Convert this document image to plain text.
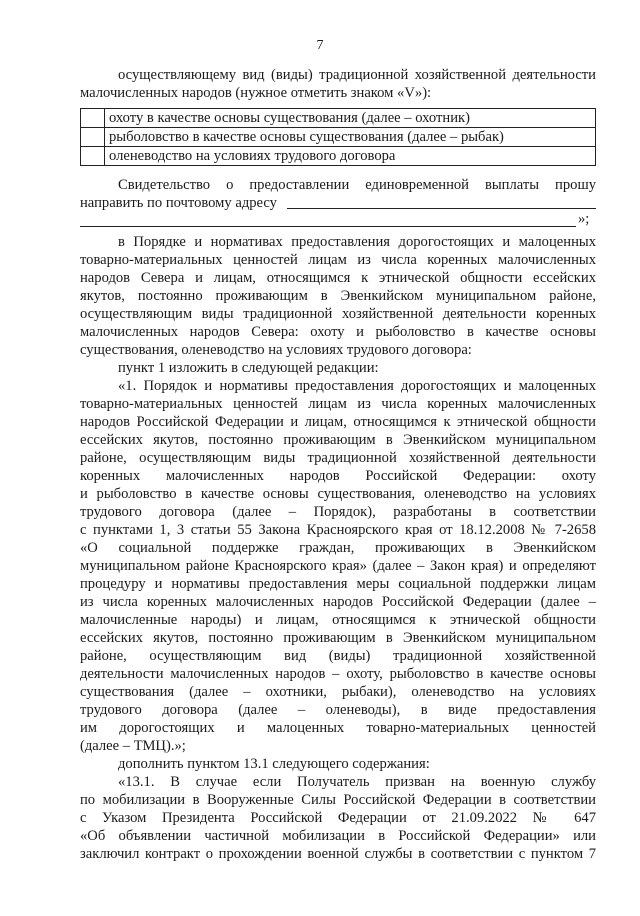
7
осуществляющему вид (виды) традиционной хозяйственной деятельности
малочисленных народов (нужное отметить знаком «V»):
	охоту в качестве основы существования (далее – охотник)
	рыболовство в качестве основы существования (далее – рыбак)
	оленеводство на условиях трудового договора
Свидетельство о предоставлении единовременной выплаты прошу
направить по почтовому адресу
»;
в Порядке и нормативах предоставления дорогостоящих и малоценных
товарно-материальных ценностей лицам из числа коренных малочисленных
народов Севера и лицам, относящимся к этнической общности ессейских
якутов, постоянно проживающим в Эвенкийском муниципальном районе,
осуществляющим виды традиционной хозяйственной деятельности коренных
малочисленных народов Севера: охоту и рыболовство в качестве основы
существования, оленеводство на условиях трудового договора:
пункт 1 изложить в следующей редакции:
«1. Порядок и нормативы предоставления дорогостоящих и малоценных
товарно-материальных ценностей лицам из числа коренных малочисленных
народов Российской Федерации и лицам, относящимся к этнической общности
ессейских якутов, постоянно проживающим в Эвенкийском муниципальном
районе, осуществляющим виды традиционной хозяйственной деятельности
коренных малочисленных народов Российской Федерации: охоту
и рыболовство в качестве основы существования, оленеводство на условиях
трудового договора (далее – Порядок), разработаны в соответствии
с пунктами 1, 3 статьи 55 Закона Красноярского края от 18.12.2008 № 7-2658
«О социальной поддержке граждан, проживающих в Эвенкийском
муниципальном районе Красноярского края» (далее – Закон края) и определяют
процедуру и нормативы предоставления меры социальной поддержки лицам
из числа коренных малочисленных народов Российской Федерации (далее –
малочисленные народы) и лицам, относящимся к этнической общности
ессейских якутов, постоянно проживающим в Эвенкийском муниципальном
районе, осуществляющим вид (виды) традиционной хозяйственной
деятельности малочисленных народов – охоту, рыболовство в качестве основы
существования (далее – охотники, рыбаки), оленеводство на условиях
трудового договора (далее – оленеводы), в виде предоставления
им дорогостоящих и малоценных товарно-материальных ценностей
(далее – ТМЦ).»;
дополнить пунктом 13.1 следующего содержания:
«13.1. В случае если Получатель призван на военную службу
по мобилизации в Вооруженные Силы Российской Федерации в соответствии
с Указом Президента Российской Федерации от 21.09.2022 № 647
«Об объявлении частичной мобилизации в Российской Федерации» или
заключил контракт о прохождении военной службы в соответствии с пунктом 7
